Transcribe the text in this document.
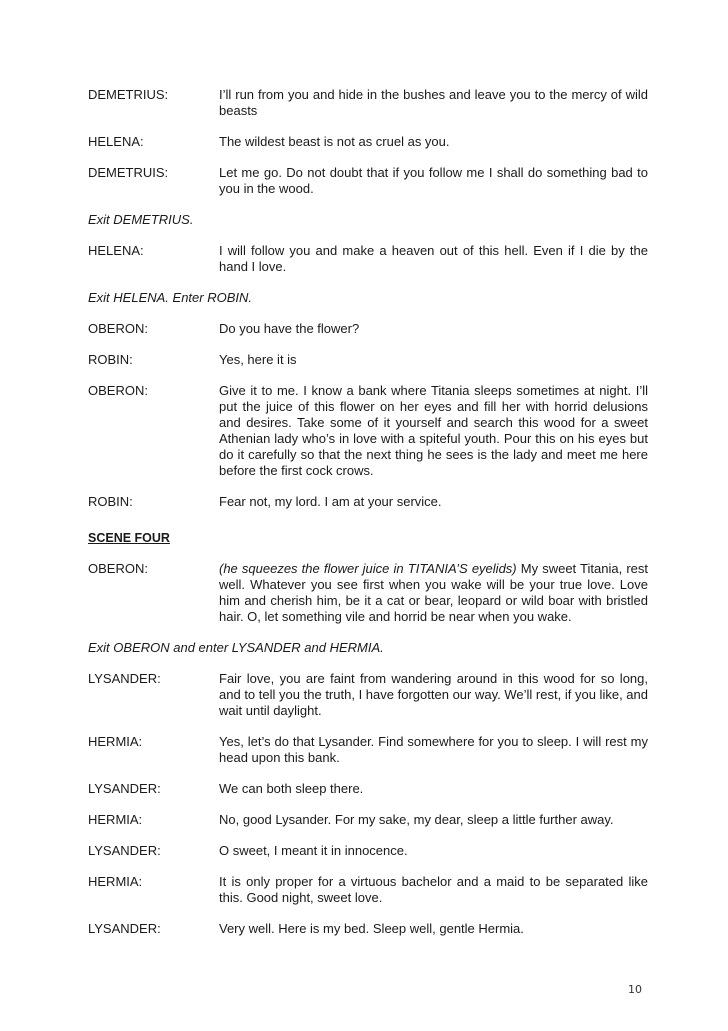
DEMETRIUS:	I’ll run from you and hide in the bushes and leave you to the mercy of wild beasts
HELENA:	The wildest beast is not as cruel as you.
DEMETRUIS:	Let me go. Do not doubt that if you follow me I shall do something bad to you in the wood.
Exit DEMETRIUS.
HELENA:	I will follow you and make a heaven out of this hell. Even if I die by the hand I love.
Exit HELENA. Enter ROBIN.
OBERON:	Do you have the flower?
ROBIN:	Yes, here it is
OBERON:	Give it to me. I know a bank where Titania sleeps sometimes at night. I’ll put the juice of this flower on her eyes and fill her with horrid delusions and desires. Take some of it yourself and search this wood for a sweet Athenian lady who’s in love with a spiteful youth. Pour this on his eyes but do it carefully so that the next thing he sees is the lady and meet me here before the first cock crows.
ROBIN:	Fear not, my lord. I am at your service.
SCENE FOUR
OBERON:	(he squeezes the flower juice in TITANIA’S eyelids) My sweet Titania, rest well. Whatever you see first when you wake will be your true love. Love him and cherish him, be it a cat or bear, leopard or wild boar with bristled hair. O, let something vile and horrid be near when you wake.
Exit OBERON and enter LYSANDER and HERMIA.
LYSANDER:	Fair love, you are faint from wandering around in this wood for so long, and to tell you the truth, I have forgotten our way. We’ll rest, if you like, and wait until daylight.
HERMIA:	Yes, let’s do that Lysander. Find somewhere for you to sleep. I will rest my head upon this bank.
LYSANDER:	We can both sleep there.
HERMIA:	No, good Lysander. For my sake, my dear, sleep a little further away.
LYSANDER:	O sweet, I meant it in innocence.
HERMIA:	It is only proper for a virtuous bachelor and a maid to be separated like this. Good night, sweet love.
LYSANDER:	Very well. Here is my bed. Sleep well, gentle Hermia.
10
